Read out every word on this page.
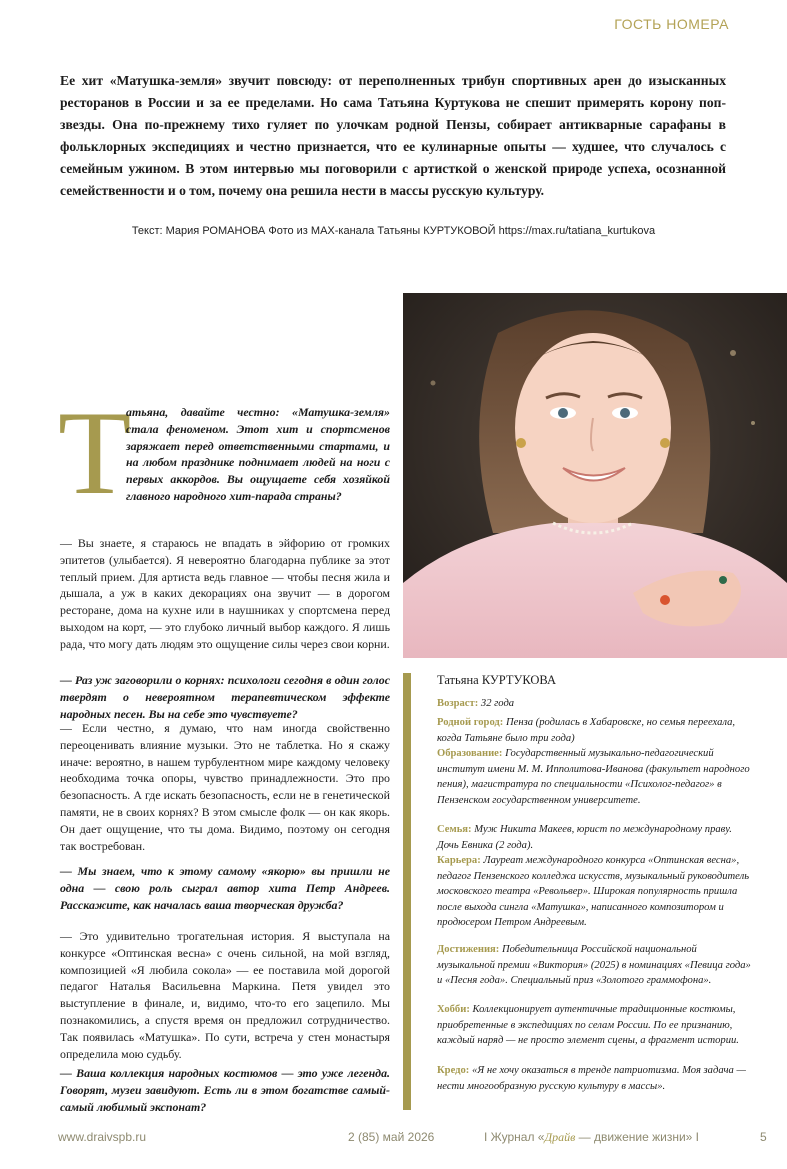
ГОСТЬ НОМЕРА
Ее хит «Матушка-земля» звучит повсюду: от переполненных трибун спортивных арен до изысканных ресторанов в России и за ее пределами. Но сама Татьяна Куртукова не спешит примерять корону поп-звезды. Она по-прежнему тихо гуляет по улочкам родной Пензы, собирает антикварные сарафаны в фольклорных экспедициях и честно признается, что ее кулинарные опыты — худшее, что случалось с семейным ужином. В этом интервью мы поговорили с артисткой о женской природе успеха, осознанной семейственности и о том, почему она решила нести в массы русскую культуру.
Текст: Мария РОМАНОВА Фото из MAX-канала Татьяны КУРТУКОВОЙ https://max.ru/tatiana_kurtukova
Т
атьяна, давайте честно: «Матушка-земля» стала феноменом. Этот хит и спортсменов заряжает перед ответственными стартами, и на любом празднике поднимает людей на ноги с первых аккордов. Вы ощущаете себя хозяйкой главного народного хит-парада страны?
— Вы знаете, я стараюсь не впадать в эйфорию от громких эпитетов (улыбается). Я невероятно благодарна публике за этот теплый прием. Для артиста ведь главное — чтобы песня жила и дышала, а уж в каких декорациях она звучит — в дорогом ресторане, дома на кухне или в наушниках у спортсмена перед выходом на корт, — это глубоко личный выбор каждого. Я лишь рада, что могу дать людям это ощущение силы через свои корни.
— Раз уж заговорили о корнях: психологи сегодня в один голос твердят о невероятном терапевтическом эффекте народных песен. Вы на себе это чувствуете?
— Если честно, я думаю, что нам иногда свойственно переоценивать влияние музыки. Это не таблетка. Но я скажу иначе: вероятно, в нашем турбулентном мире каждому человеку необходима точка опоры, чувство принадлежности. Это про безопасность. А где искать безопасность, если не в генетической памяти, не в своих корнях? В этом смысле фолк — он как якорь. Он дает ощущение, что ты дома. Видимо, поэтому он сегодня так востребован.
— Мы знаем, что к этому самому «якорю» вы пришли не одна — свою роль сыграл автор хита Петр Андреев. Расскажите, как началась ваша творческая дружба?
— Это удивительно трогательная история. Я выступала на конкурсе «Оптинская весна» с очень сильной, на мой взгляд, композицией «Я любила сокола» — ее поставила мой дорогой педагог Наталья Васильевна Маркина. Петя увидел это выступление в финале, и, видимо, что-то его зацепило. Мы познакомились, а спустя время он предложил сотрудничество. Так появилась «Матушка». По сути, встреча у стен монастыря определила мою судьбу.
— Ваша коллекция народных костюмов — это уже легенда. Говорят, музеи завидуют. Есть ли в этом богатстве самый-самый любимый экспонат?
Татьяна КУРТУКОВА
Возраст: 32 года
Родной город: Пенза (родилась в Хабаровске, но семья переехала, когда Татьяне было три года)
Образование: Государственный музыкально-педагогический институт имени М. М. Ипполитова-Иванова (факультет народного пения), магистратура по специальности «Психолог-педагог» в Пензенском государственном университете.
Семья: Муж Никита Макеев, юрист по международному праву. Дочь Евника (2 года).
Карьера: Лауреат международного конкурса «Оптинская весна», педагог Пензенского колледжа искусств, музыкальный руководитель московского театра «Револьвер». Широкая популярность пришла после выхода сингла «Матушка», написанного композитором и продюсером Петром Андреевым.
Достижения: Победительница Российской национальной музыкальной премии «Виктория» (2025) в номинациях «Певица года» и «Песня года». Специальный приз «Золотого граммофона».
Хобби: Коллекционирует аутентичные традиционные костюмы, приобретенные в экспедициях по селам России. По ее признанию, каждый наряд — не просто элемент сцены, а фрагмент истории.
Кредо: «Я не хочу оказаться в тренде патриотизма. Моя задача — нести многообразную русскую культуру в массы».
www.draivspb.ru	2 (85) май 2026	I Журнал «Драйв — движение жизни» I	5
